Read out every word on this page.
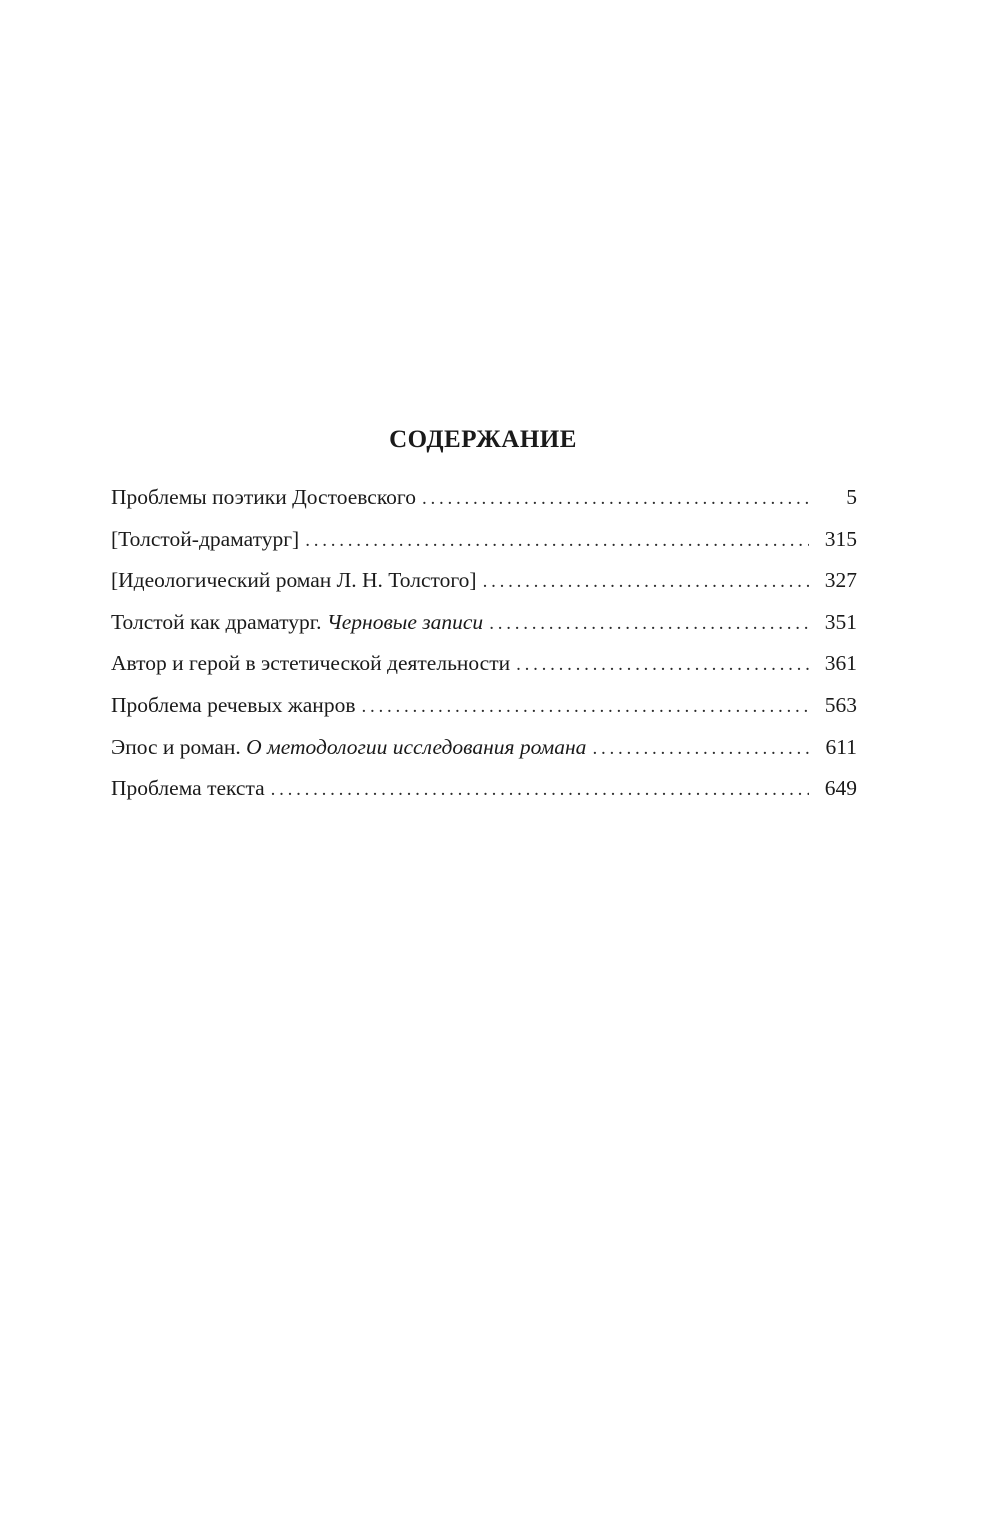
СОДЕРЖАНИЕ
Проблемы поэтики Достоевского . . .	5
[Толстой-драматург] . . .	315
[Идеологический роман Л. Н. Толстого] . . .	327
Толстой как драматург. Черновые записи . . .	351
Автор и герой в эстетической деятельности . . .	361
Проблема речевых жанров . . .	563
Эпос и роман. О методологии исследования романа . . .	611
Проблема текста . . .	649
